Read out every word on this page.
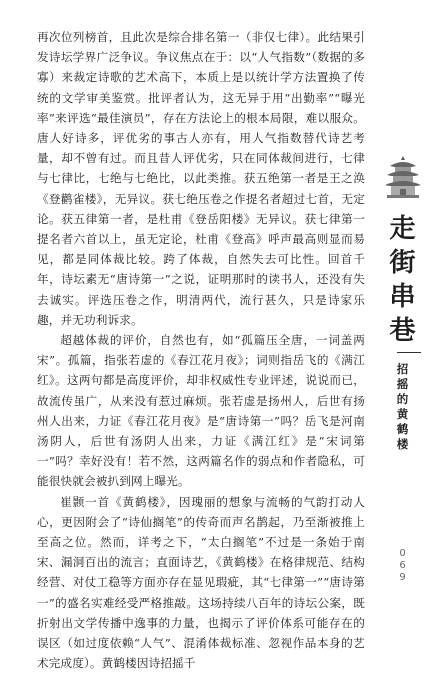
再次位列榜首，且此次是综合排名第一（非仅七律）。此结果引发诗坛学界广泛争议。争议焦点在于：以“人气指数”（数据的多寡）来裁定诗歌的艺术高下，本质上是以统计学方法置换了传统的文学审美鉴赏。批评者认为，这无异于用“出勤率”“曝光率”来评选“最佳演员”，存在方法论上的根本局限，难以服众。唐人好诗多，评优劣的事古人亦有，用人气指数替代诗艺考量，却不曾有过。而且昔人评优劣，只在同体裁间进行，七律与七律比，七绝与七绝比，以此类推。获五绝第一者是王之涣《登鹳雀楼》，无异议。获七绝压卷之作提名者超过七首，无定论。获五律第一者，是杜甫《登岳阳楼》无异议。获七律第一提名者六首以上，虽无定论，杜甫《登高》呼声最高则显而易见，都是同体裁比较。跨了体裁，自然失去可比性。回首千年，诗坛素无“唐诗第一”之说，证明那时的读书人，还没有失去诚实。评选压卷之作，明清两代，流行甚久，只是诗家乐趣，并无功利诉求。

超越体裁的评价，自然也有，如“孤篇压全唐，一词盖两宋”。孤篇，指张若虚的《春江花月夜》；词则指岳飞的《满江红》。这两句都是高度评价，却非权威性专业评述，说说而已，故流传虽广，从来没有惹过麻烦。张若虚是扬州人，后世有扬州人出来，力证《春江花月夜》是“唐诗第一”吗？岳飞是河南汤阴人，后世有汤阴人出来，力证《满江红》是“宋词第一”吗？幸好没有！若不然，这两篇名作的弱点和作者隐私，可能很快就会被扒到网上曝光。

崔颢一首《黄鹤楼》，因瑰丽的想象与流畅的气韵打动人心，更因附会了“诗仙搁笔”的传奇而声名鹊起，乃至渐被推上至高之位。然而，详考之下，“太白搁笔”不过是一条始于南宋、漏洞百出的流言；直面诗艺，《黄鹤楼》在格律规范、结构经营、对仗工稳等方面亦存在显见瑕疵，其“七律第一”“唐诗第一”的盛名实难经受严格推敲。这场持续八百年的诗坛公案，既折射出文学传播中逸事的力量，也揭示了评价体系可能存在的误区（如过度依赖“人气”、混淆体裁标准、忽视作品本身的艺术完成度）。黄鹤楼因诗招摇千

走
街
串
巷
招
摇
的
黄
鹤
楼
0
6
9
